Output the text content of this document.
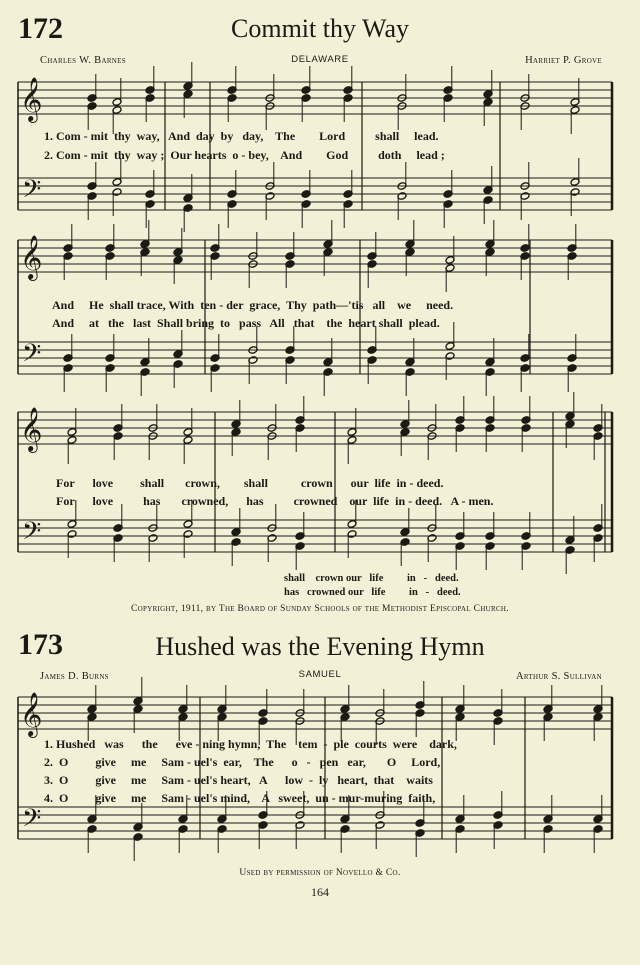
172	Commit thy Way
Charles W. Barnes	DELAWARE	Harriet P. Grove
𝄞
𝄢
𝄞
𝄢
𝄞
𝄢
𝄞
𝄢
1. Com - mit  thy  way,   And  day  by   day,    The        Lord          shall     lead.
2. Com - mit  thy  way ;  Our hearts  o - bey,    And        God          doth     lead ;
And     He  shall trace, With  ten - der  grace,  Thy  path—'tis   all    we     need.
And     at   the   last  Shall bring  to   pass   All   that    the  heart shall  plead.
For      love         shall       crown,        shall           crown      our  life  in - deed.
For      love          has       crowned,      has          crowned    our  life  in - deed.   A - men.
shall    crown our   life         in   -   deed.
has   crowned our   life         in   -   deed.
Copyright, 1911, by The Board of Sunday Schools of the Methodist Episcopal Church.
173	Hushed was the Evening Hymn
James D. Burns	SAMUEL	Arthur S. Sullivan
1. Hushed   was      the      eve - ning hymn,  The    tem  -  ple  courts  were    dark,
2.  O         give     me     Sam - uel's  ear,    The      o   -   pen   ear,       O     Lord,
3.  O         give     me     Sam - uel's heart,   A      low  -  ly   heart,  that    waits
4.  O         give     me     Sam - uel's mind,    A   sweet,  un - mur-muring  faith,
Used by permission of Novello & Co.
164
